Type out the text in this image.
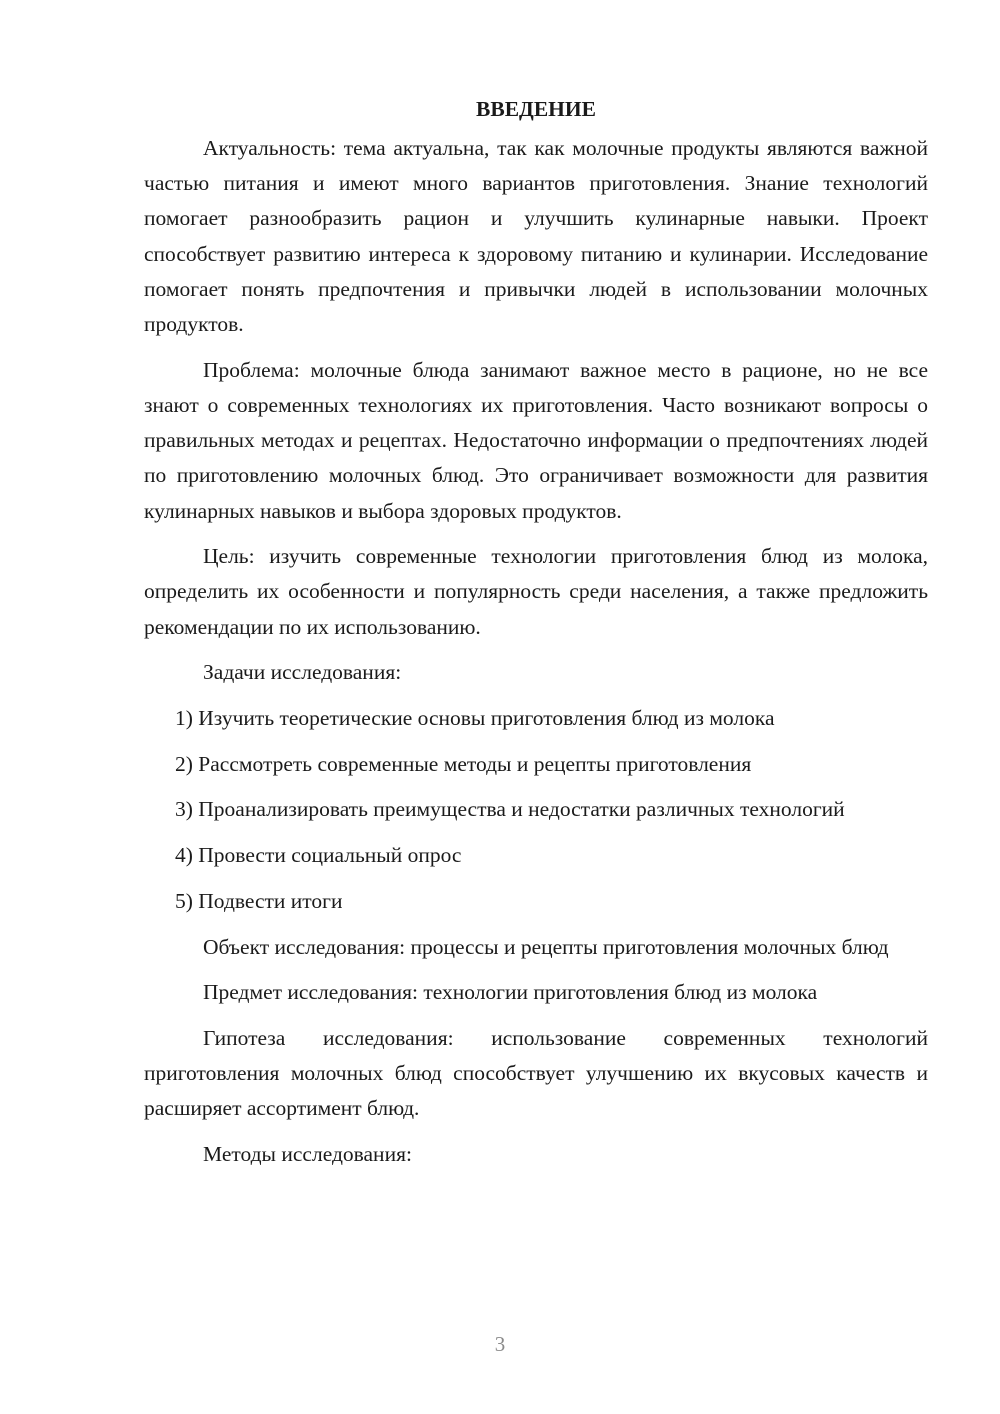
ВВЕДЕНИЕ

Актуальность: тема актуальна, так как молочные продукты являются важной частью питания и имеют много вариантов приготовления. Знание технологий помогает разнообразить рацион и улучшить кулинарные навыки. Проект способствует развитию интереса к здоровому питанию и кулинарии. Исследование помогает понять предпочтения и привычки людей в использовании молочных продуктов.

Проблема: молочные блюда занимают важное место в рационе, но не все знают о современных технологиях их приготовления. Часто возникают вопросы о правильных методах и рецептах. Недостаточно информации о предпочтениях людей по приготовлению молочных блюд. Это ограничивает возможности для развития кулинарных навыков и выбора здоровых продуктов.

Цель: изучить современные технологии приготовления блюд из молока, определить их особенности и популярность среди населения, а также предложить рекомендации по их использованию.

Задачи исследования:

1) Изучить теоретические основы приготовления блюд из молока

2) Рассмотреть современные методы и рецепты приготовления

3) Проанализировать преимущества и недостатки различных технологий

4) Провести социальный опрос

5) Подвести итоги

Объект исследования: процессы и рецепты приготовления молочных блюд

Предмет исследования: технологии приготовления блюд из молока

Гипотеза исследования: использование современных технологий приготовления молочных блюд способствует улучшению их вкусовых качеств и расширяет ассортимент блюд.

Методы исследования:

3
